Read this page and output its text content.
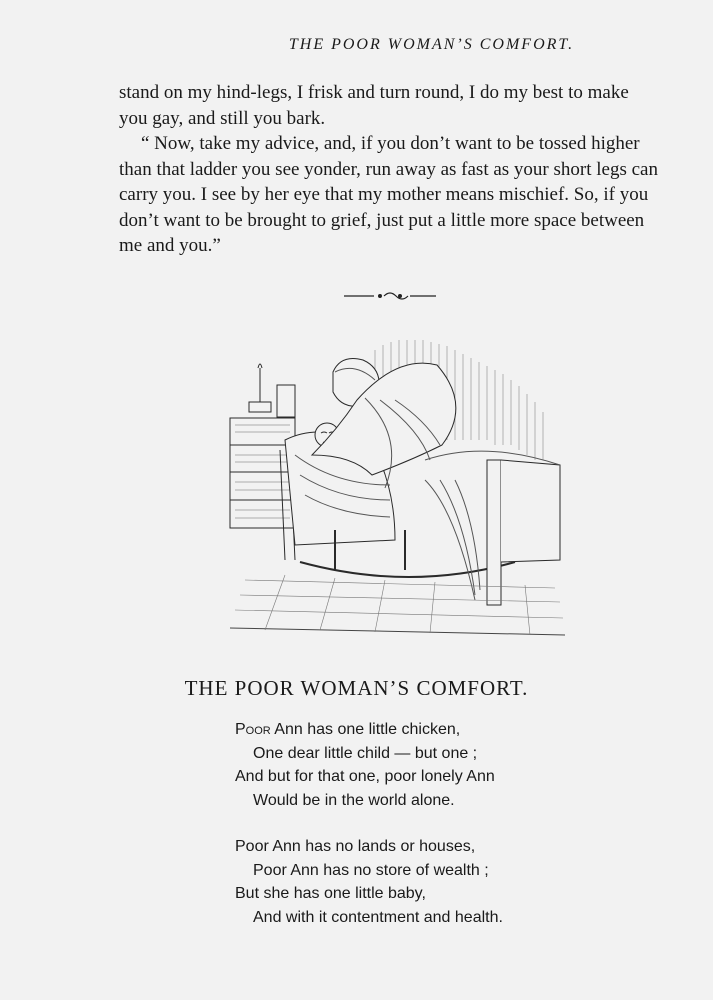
THE POOR WOMAN’S COMFORT.

stand on my hind-legs, I frisk and turn round, I do my best to make you gay, and still you bark.

“ Now, take my advice, and, if you don’t want to be tossed higher than that ladder you see yonder, run away as fast as your short legs can carry you. I see by her eye that my mother means mischief. So, if you don’t want to be brought to grief, just put a little more space between me and you.”

THE POOR WOMAN’S COMFORT.
Poor Ann has one little chicken,
One dear little child — but one ;
And but for that one, poor lonely Ann
Would be in the world alone.
Poor Ann has no lands or houses,
Poor Ann has no store of wealth ;
But she has one little baby,
And with it contentment and health.
